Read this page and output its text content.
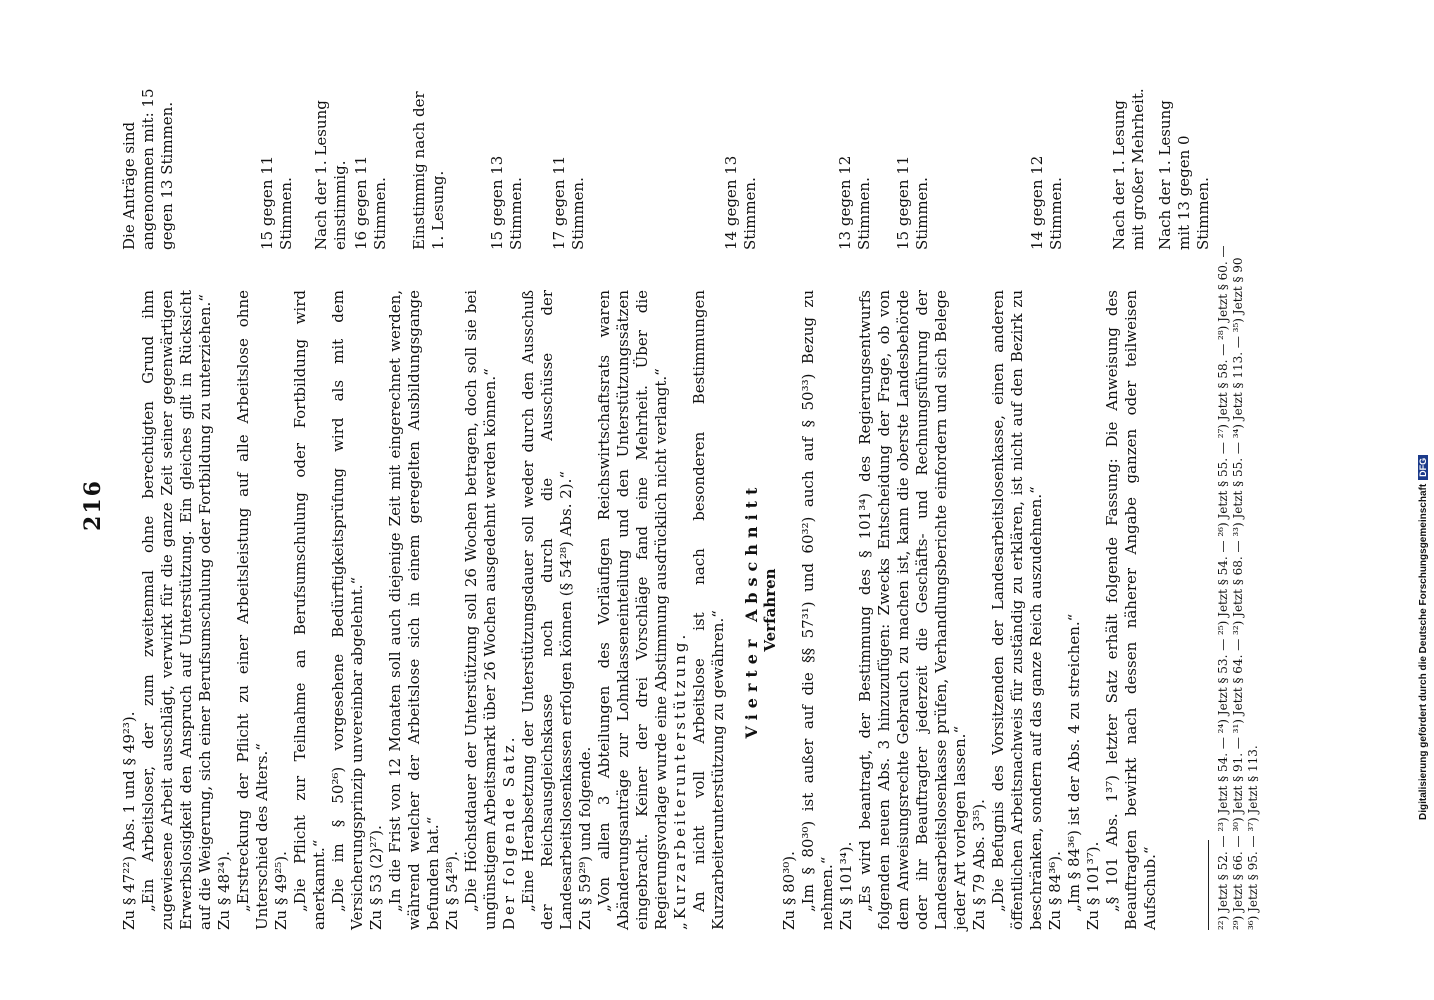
216

Zu § 47²²) Abs. 1 und § 49²³). „Ein Arbeitsloser, der zum zweitenmal ohne berechtigten Grund ihm zugewiesene Arbeit ausschlägt, verwirkt für die ganze Zeit seiner gegenwärtigen Erwerbslosigkeit den Anspruch auf Unterstützung. Ein gleiches gilt in Rücksicht auf die Weigerung, sich einer Berufsumschulung oder Fortbildung zu unterziehen.“ Zu § 48²⁴). „Erstreckung der Pflicht zu einer Arbeitsleistung auf alle Arbeitslose ohne Unterschied des Alters.“ Zu § 49²⁵). „Die Pflicht zur Teilnahme an Berufsumschulung oder Fortbildung wird anerkannt.“ „Die im § 50²⁶) vorgesehene Bedürftigkeitsprüfung wird als mit dem Versicherungsprinzip unvereinbar abgelehnt.“ Zu § 53 (2)²⁷). „In die Frist von 12 Monaten soll auch diejenige Zeit mit eingerechnet werden, während welcher der Arbeitslose sich in einem geregelten Ausbildungsgange befunden hat.“ Zu § 54²⁸). „Die Höchstdauer der Unterstützung soll 26 Wochen betragen, doch soll sie bei ungünstigem Arbeitsmarkt über 26 Wochen ausgedehnt werden können.“ Der folgende Satz. „Eine Herabsetzung der Unterstützungsdauer soll weder durch den Ausschuß der Reichsausgleichskasse noch durch die Ausschüsse der Landesarbeitslosenkassen erfolgen können (§ 54²⁸) Abs. 2).“ Zu § 59²⁹) und folgende. „Von allen 3 Abteilungen des Vorläufigen Reichswirtschaftsrats waren Abänderungsanträge zur Lohnklasseneinteilung und den Unterstützungssätzen eingebracht. Keiner der drei Vorschläge fand eine Mehrheit. Über die Regierungsvorlage wurde eine Abstimmung ausdrücklich nicht verlangt.“ „Kurzarbeiterunterstützung. An nicht voll Arbeitslose ist nach besonderen Bestimmungen Kurzarbeiterunterstützung zu gewähren.“

Vierter Abschnitt Verfahren

Zu § 80³⁰). „Im § 80³⁰) ist außer auf die §§ 57³¹) und 60³²) auch auf § 50³³) Bezug zu nehmen.“ Zu § 101³⁴). „Es wird beantragt, der Bestimmung des § 101³⁴) des Regierungsentwurfs folgenden neuen Abs. 3 hinzuzufügen: Zwecks Entscheidung der Frage, ob von dem Anweisungsrechte Gebrauch zu machen ist, kann die oberste Landesbehörde oder ihr Beauftragter jederzeit die Geschäfts- und Rechnungsführung der Landesarbeitslosenkasse prüfen, Verhandlungsberichte einfordern und sich Belege jeder Art vorlegen lassen.“ Zu § 79 Abs. 3³⁵). „Die Befugnis des Vorsitzenden der Landesarbeitslosenkasse, einen anderen öffentlichen Arbeitsnachweis für zuständig zu erklären, ist nicht auf den Bezirk zu beschränken, sondern auf das ganze Reich auszudehnen.“ Zu § 84³⁶). „Im § 84³⁶) ist der Abs. 4 zu streichen.“ Zu § 101³⁷). „§ 101 Abs. 1³⁷) letzter Satz erhält folgende Fassung: Die Anweisung des Beauftragten bewirkt nach dessen näherer Angabe ganzen oder teilweisen Aufschub.“

Die Anträge sind angenommen mit: 15 gegen 13 Stimmen.	15 gegen 11 Stimmen. Nach der 1. Lesung einstimmig. 16 gegen 11 Stimmen. Einstimmig nach der 1. Lesung.	15 gegen 13 Stimmen. 17 gegen 11 Stimmen.	14 gegen 13 Stimmen.	13 gegen 12 Stimmen. 15 gegen 11 Stimmen.	14 gegen 12 Stimmen.	Nach der 1. Lesung mit großer Mehrheit. Nach der 1. Lesung mit 13 gegen 0 Stimmen.
²²) Jetzt § 52. — ²³) Jetzt § 54. — ²⁴) Jetzt § 53. — ²⁵) Jetzt § 54. — ²⁶) Jetzt § 55. — ²⁷) Jetzt § 58. — ²⁸) Jetzt § 60. — ²⁹) Jetzt § 66. — ³⁰) Jetzt § 91. — ³¹) Jetzt § 64. — ³²) Jetzt § 68. — ³³) Jetzt § 55. — ³⁴) Jetzt § 113. — ³⁵) Jetzt § 90 ³⁶) Jetzt § 95. — ³⁷) Jetzt § 113.
Digitalisierung gefördert durch die Deutsche ForschungsgemeinschaftDFG
